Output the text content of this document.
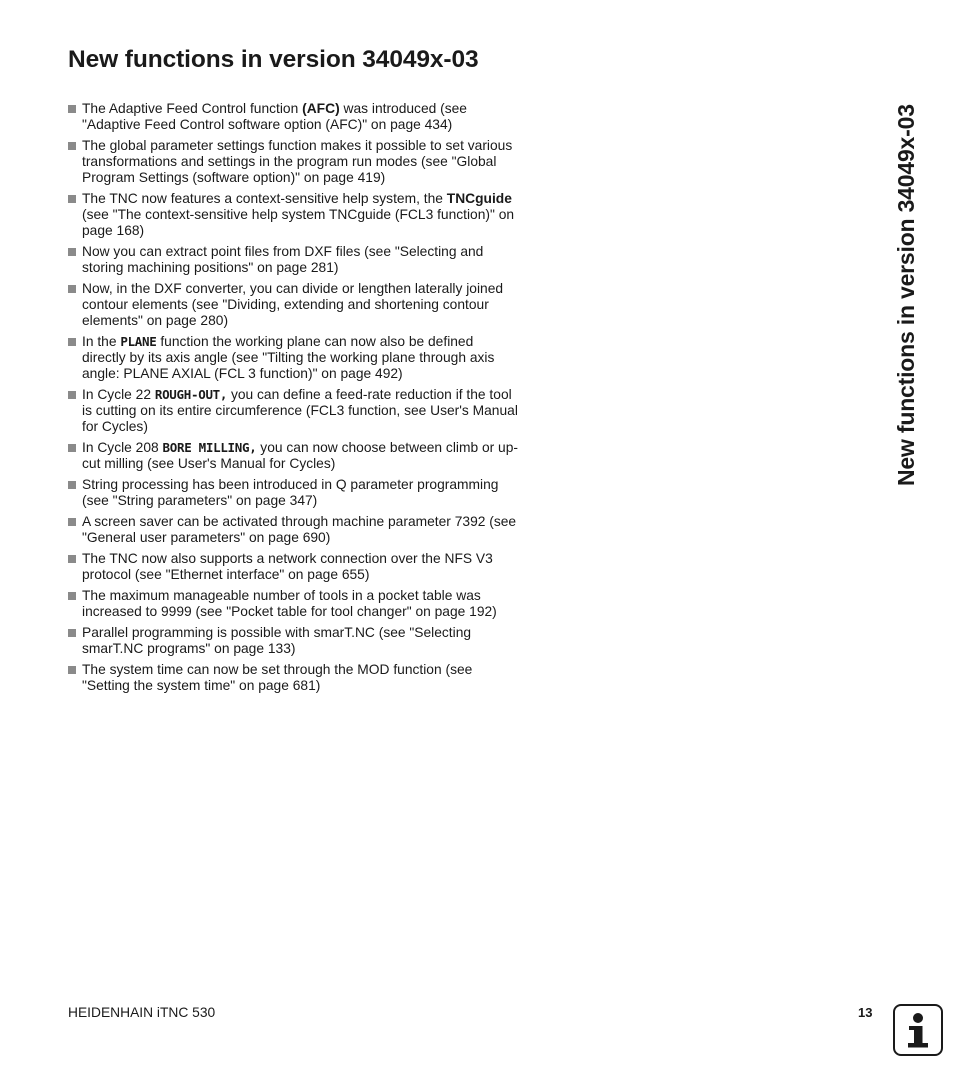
New functions in version 34049x-03
The Adaptive Feed Control function (AFC) was introduced (see "Adaptive Feed Control software option (AFC)" on page 434)
The global parameter settings function makes it possible to set various transformations and settings in the program run modes (see "Global Program Settings (software option)" on page 419)
The TNC now features a context-sensitive help system, the TNCguide (see "The context-sensitive help system TNCguide (FCL3 function)" on page 168)
Now you can extract point files from DXF files (see "Selecting and storing machining positions" on page 281)
Now, in the DXF converter, you can divide or lengthen laterally joined contour elements (see "Dividing, extending and shortening contour elements" on page 280)
In the PLANE function the working plane can now also be defined directly by its axis angle (see "Tilting the working plane through axis angle: PLANE AXIAL (FCL 3 function)" on page 492)
In Cycle 22 ROUGH-OUT, you can define a feed-rate reduction if the tool is cutting on its entire circumference (FCL3 function, see User's Manual for Cycles)
In Cycle 208 BORE MILLING, you can now choose between climb or up-cut milling (see User's Manual for Cycles)
String processing has been introduced in Q parameter programming (see "String parameters" on page 347)
A screen saver can be activated through machine parameter 7392 (see "General user parameters" on page 690)
The TNC now also supports a network connection over the NFS V3 protocol (see "Ethernet interface" on page 655)
The maximum manageable number of tools in a pocket table was increased to 9999 (see "Pocket table for tool changer" on page 192)
Parallel programming is possible with smarT.NC (see "Selecting smarT.NC programs" on page 133)
The system time can now be set through the MOD function (see "Setting the system time" on page 681)
New functions in version 34049x-03
HEIDENHAIN iTNC 530	13
